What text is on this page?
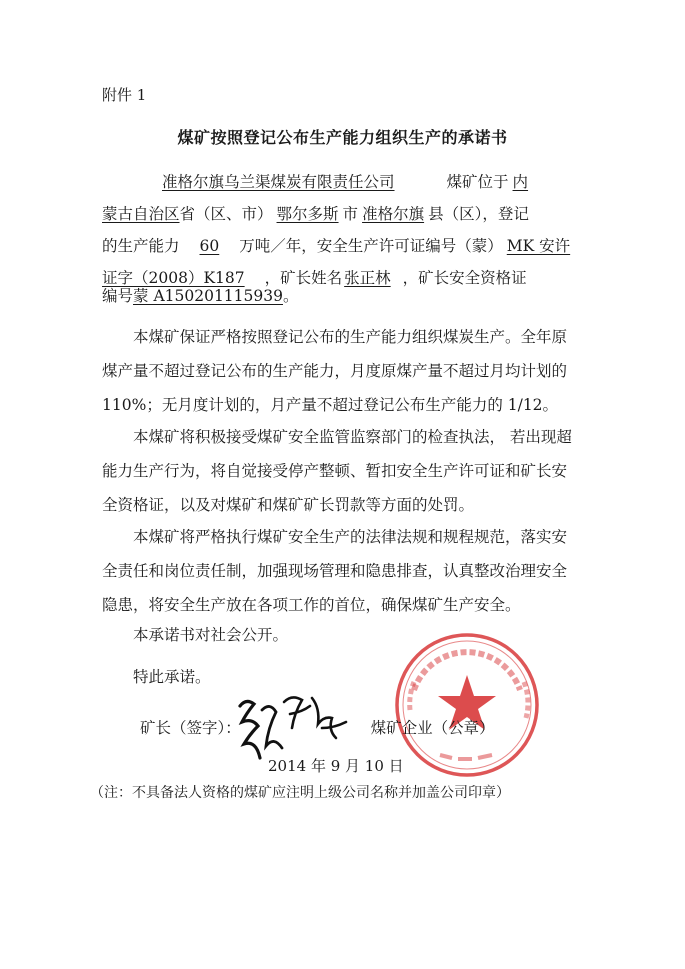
附件 1
煤矿按照登记公布生产能力组织生产的承诺书
准格尔旗乌兰渠煤炭有限责任公司	煤矿位于 内
蒙古自治区省（区、市） 鄂尔多斯 市 准格尔旗 县（区），登记
的生产能力 60 万吨／年，安全生产许可证编号（蒙） MK 安许
证字（2008）K187 ，矿长姓名 张正林 ，矿长安全资格证
编号蒙 A150201115939。
本煤矿保证严格按照登记公布的生产能力组织煤炭生产。全年原煤产量不超过登记公布的生产能力，月度原煤产量不超过月均计划的110%；无月度计划的，月产量不超过登记公布生产能力的 1/12。
本煤矿将积极接受煤矿安全监管监察部门的检查执法， 若出现超能力生产行为，将自觉接受停产整顿、暂扣安全生产许可证和矿长安全资格证，以及对煤矿和煤矿矿长罚款等方面的处罚。
本煤矿将严格执行煤矿安全生产的法律法规和规程规范，落实安全责任和岗位责任制，加强现场管理和隐患排查，认真整改治理安全隐患，将安全生产放在各项工作的首位，确保煤矿生产安全。
本承诺书对社会公开。
特此承诺。
矿长（签字）：	煤矿企业（公章）
2014 年 9 月 10 日
（注：不具备法人资格的煤矿应注明上级公司名称并加盖公司印章）
